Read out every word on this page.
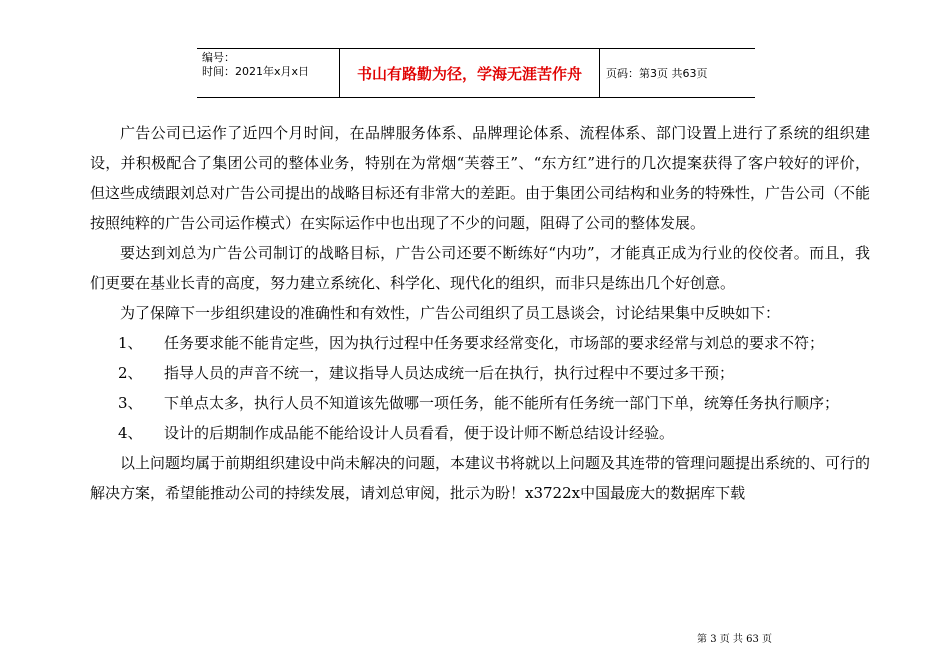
编号：
时间：2021年x月x日	书山有路勤为径，学海无涯苦作舟	页码：第3页 共63页

广告公司已运作了近四个月时间，在品牌服务体系、品牌理论体系、流程体系、部门设置上进行了系统的组织建设，并积极配合了集团公司的整体业务，特别在为常烟“芙蓉王”、“东方红”进行的几次提案获得了客户较好的评价，但这些成绩跟刘总对广告公司提出的战略目标还有非常大的差距。由于集团公司结构和业务的特殊性，广告公司（不能按照纯粹的广告公司运作模式）在实际运作中也出现了不少的问题，阻碍了公司的整体发展。

要达到刘总为广告公司制订的战略目标，广告公司还要不断练好“内功”，才能真正成为行业的佼佼者。而且，我们更要在基业长青的高度，努力建立系统化、科学化、现代化的组织，而非只是练出几个好创意。

为了保障下一步组织建设的准确性和有效性，广告公司组织了员工恳谈会，讨论结果集中反映如下：

1、	任务要求能不能肯定些，因为执行过程中任务要求经常变化，市场部的要求经常与刘总的要求不符；

2、	指导人员的声音不统一，建议指导人员达成统一后在执行，执行过程中不要过多干预；

3、	下单点太多，执行人员不知道该先做哪一项任务，能不能所有任务统一部门下单，统筹任务执行顺序；

4、	设计的后期制作成品能不能给设计人员看看，便于设计师不断总结设计经验。

以上问题均属于前期组织建设中尚未解决的问题，本建议书将就以上问题及其连带的管理问题提出系统的、可行的解决方案，希望能推动公司的持续发展，请刘总审阅，批示为盼！x3722x中国最庞大的数据库下载

第 3 页 共 63 页
